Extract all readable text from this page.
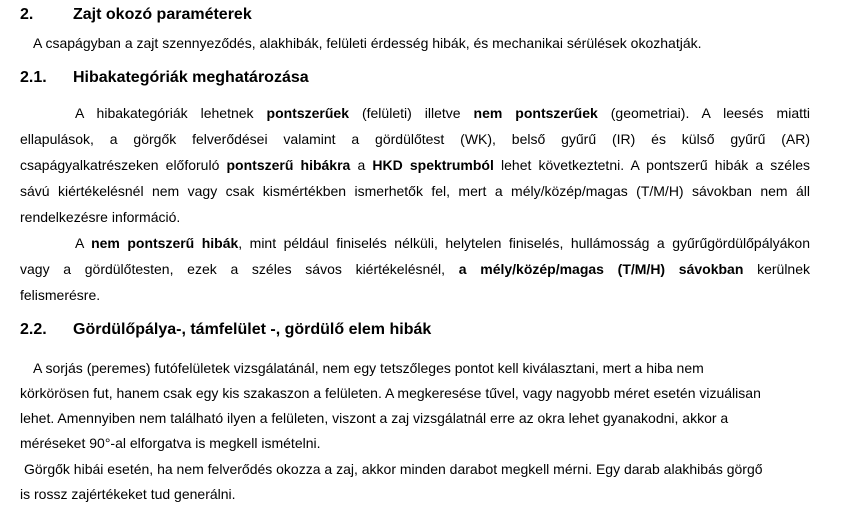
2. Zajt okozó paraméterek
A csapágyban a zajt szennyeződés, alakhibák, felületi érdesség hibák, és mechanikai sérülések okozhatják.
2.1. Hibakategóriák meghatározása
A hibakategóriák lehetnek pontszerűek (felületi) illetve nem pontszerűek (geometriai). A leesés miatti
ellapulások, a görgők felverődései valamint a gördülőtest (WK), belső gyűrű (IR) és külső gyűrű (AR)
csapágyalkatrészeken előforuló pontszerű hibákra a HKD spektrumból lehet következtetni. A pontszerű hibák a széles
sávú kiértékelésnél nem vagy csak kismértékben ismerhetők fel, mert a mély/közép/magas (T/M/H) sávokban nem áll
rendelkezésre információ.
A nem pontszerű hibák, mint például finiselés nélküli, helytelen finiselés, hullámosság a gyűrűgördülőpályákon
vagy a gördülőtesten, ezek a széles sávos kiértékelésnél, a mély/közép/magas (T/M/H) sávokban kerülnek
felismerésre.
2.2. Gördülőpálya-, támfelület -, gördülő elem hibák
A sorjás (peremes) futófelületek vizsgálatánál, nem egy tetszőleges pontot kell kiválasztani, mert a hiba nem
körkörösen fut, hanem csak egy kis szakaszon a felületen. A megkeresése tűvel, vagy nagyobb méret esetén vizuálisan
lehet. Amennyiben nem található ilyen a felületen, viszont a zaj vizsgálatnál erre az okra lehet gyanakodni, akkor a
méréseket 90°-al elforgatva is megkell ismételni.
Görgők hibái esetén, ha nem felverődés okozza a zaj, akkor minden darabot megkell mérni. Egy darab alakhibás görgő
is rossz zajértékeket tud generálni.
